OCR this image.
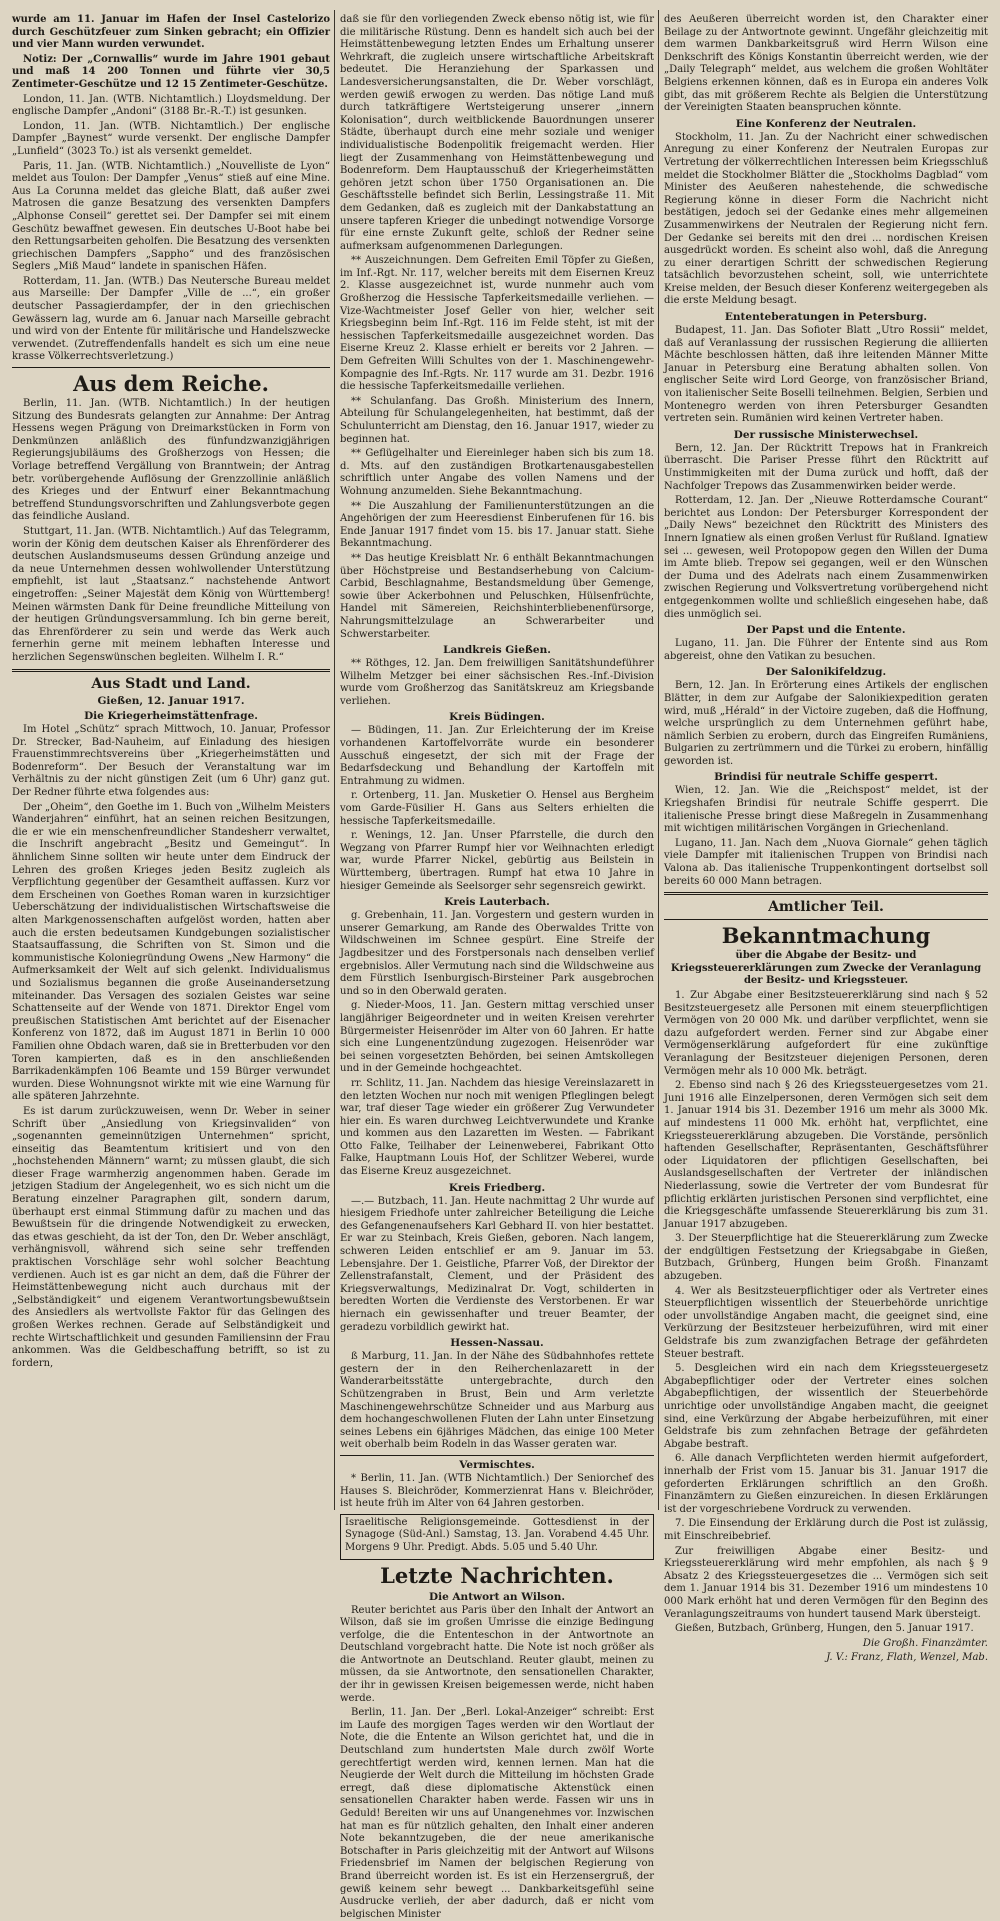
wurde am 11. Januar im Hafen der Insel Castelorizo durch Geschützfeuer zum Sinken gebracht; ein Offizier und vier Mann wurden verwundet.

Notiz: Der „Cornwallis“ wurde im Jahre 1901 gebaut und maß 14 200 Tonnen und führte vier 30,5 Zentimeter-Geschütze und 12 15 Zentimeter-Geschütze.

London, 11. Jan. (WTB. Nichtamtlich.) Lloydsmeldung. Der englische Dampfer „Andoni“ (3188 Br.-R.-T.) ist gesunken.

London, 11. Jan. (WTB. Nichtamtlich.) Der englische Dampfer „Baynest“ wurde versenkt. Der englische Dampfer „Lunfield“ (3023 To.) ist als versenkt gemeldet.

Paris, 11. Jan. (WTB. Nichtamtlich.) „Nouvelliste de Lyon“ meldet aus Toulon: Der Dampfer „Venus“ stieß auf eine Mine. Aus La Corunna meldet das gleiche Blatt, daß außer zwei Matrosen die ganze Besatzung des versenkten Dampfers „Alphonse Conseil“ gerettet sei. Der Dampfer sei mit einem Geschütz bewaffnet gewesen. Ein deutsches U-Boot habe bei den Rettungsarbeiten geholfen. Die Besatzung des versenkten griechischen Dampfers „Sappho“ und des französischen Seglers „Miß Maud“ landete in spanischen Häfen.

Rotterdam, 11. Jan. (WTB.) Das Neutersche Bureau meldet aus Marseille: Der Dampfer „Ville de ...“, ein großer deutscher Passagierdampfer, der in den griechischen Gewässern lag, wurde am 6. Januar nach Marseille gebracht und wird von der Entente für militärische und Handelszwecke verwendet. (Zutreffendenfalls handelt es sich um eine neue krasse Völkerrechtsverletzung.)

Aus dem Reiche.

Berlin, 11. Jan. (WTB. Nichtamtlich.) In der heutigen Sitzung des Bundesrats gelangten zur Annahme: Der Antrag Hessens wegen Prägung von Dreimarkstücken in Form von Denkmünzen anläßlich des fünfundzwanzigjährigen Regierungsjubiläums des Großherzogs von Hessen; die Vorlage betreffend Vergällung von Branntwein; der Antrag betr. vorübergehende Auflösung der Grenzzollinie anläßlich des Krieges und der Entwurf einer Bekanntmachung betreffend Stundungsvorschriften und Zahlungsverbote gegen das feindliche Ausland.

Stuttgart, 11. Jan. (WTB. Nichtamtlich.) Auf das Telegramm, worin der König dem deutschen Kaiser als Ehrenförderer des deutschen Auslandsmuseums dessen Gründung anzeige und da neue Unternehmen dessen wohlwollender Unterstützung empfiehlt, ist laut „Staatsanz.“ nachstehende Antwort eingetroffen: „Seiner Majestät dem König von Württemberg! Meinen wärmsten Dank für Deine freundliche Mitteilung von der heutigen Gründungsversammlung. Ich bin gerne bereit, das Ehrenförderer zu sein und werde das Werk auch fernerhin gerne mit meinem lebhaften Interesse und herzlichen Segenswünschen begleiten. Wilhelm I. R.“

Aus Stadt und Land.
Gießen, 12. Januar 1917.
Die Kriegerheimstättenfrage.

Im Hotel „Schütz“ sprach Mittwoch, 10. Januar, Professor Dr. Strecker, Bad-Nauheim, auf Einladung des hiesigen Frauenstimmrechtsvereins über „Kriegerheimstätten und Bodenreform“. Der Besuch der Veranstaltung war im Verhältnis zu der nicht günstigen Zeit (um 6 Uhr) ganz gut. Der Redner führte etwa folgendes aus:

Der „Oheim“, den Goethe im 1. Buch von „Wilhelm Meisters Wanderjahren“ einführt, hat an seinen reichen Besitzungen, die er wie ein menschenfreundlicher Standesherr verwaltet, die Inschrift angebracht „Besitz und Gemeingut“. In ähnlichem Sinne sollten wir heute unter dem Eindruck der Lehren des großen Krieges jeden Besitz zugleich als Verpflichtung gegenüber der Gesamtheit auffassen. Kurz vor dem Erscheinen von Goethes Roman waren in kurzsichtiger Ueberschätzung der individualistischen Wirtschaftsweise die alten Markgenossenschaften aufgelöst worden, hatten aber auch die ersten bedeutsamen Kundgebungen sozialistischer Staatsauffassung, die Schriften von St. Simon und die kommunistische Koloniegründung Owens „New Harmony“ die Aufmerksamkeit der Welt auf sich gelenkt. Individualismus und Sozialismus begannen die große Auseinandersetzung miteinander. Das Versagen des sozialen Geistes war seine Schattenseite auf der Wende von 1871. Direktor Engel vom preußischen Statistischen Amt berichtet auf der Eisenacher Konferenz von 1872, daß im August 1871 in Berlin 10 000 Familien ohne Obdach waren, daß sie in Bretterbuden vor den Toren kampierten, daß es in den anschließenden Barrikadenkämpfen 106 Beamte und 159 Bürger verwundet wurden. Diese Wohnungsnot wirkte mit wie eine Warnung für alle späteren Jahrzehnte.

Es ist darum zurückzuweisen, wenn Dr. Weber in seiner Schrift über „Ansiedlung von Kriegsinvaliden“ von „sogenannten gemeinnützigen Unternehmen“ spricht, einseitig das Beamtentum kritisiert und von den „hochstehenden Männern“ warnt; zu müssen glaubt, die sich dieser Frage warmherzig angenommen haben. Gerade im jetzigen Stadium der Angelegenheit, wo es sich nicht um die Beratung einzelner Paragraphen gilt, sondern darum, überhaupt erst einmal Stimmung dafür zu machen und das Bewußtsein für die dringende Notwendigkeit zu erwecken, das etwas geschieht, da ist der Ton, den Dr. Weber anschlägt, verhängnisvoll, während sich seine sehr treffenden praktischen Vorschläge sehr wohl solcher Beachtung verdienen. Auch ist es gar nicht an dem, daß die Führer der Heimstättenbewegung nicht auch durchaus mit der „Selbständigkeit“ und eigenem Verantwortungsbewußtsein des Ansiedlers als wertvollste Faktor für das Gelingen des großen Werkes rechnen. Gerade auf Selbständigkeit und rechte Wirtschaftlichkeit und gesunden Familiensinn der Frau ankommen. Was die Geldbeschaffung betrifft, so ist zu fordern,

daß sie für den vorliegenden Zweck ebenso nötig ist, wie für die militärische Rüstung. Denn es handelt sich auch bei der Heimstättenbewegung letzten Endes um Erhaltung unserer Wehrkraft, die zugleich unsere wirtschaftliche Arbeitskraft bedeutet. Die Heranziehung der Sparkassen und Landesversicherungsanstalten, die Dr. Weber vorschlägt, werden gewiß erwogen zu werden. Das nötige Land muß durch tatkräftigere Wertsteigerung unserer „innern Kolonisation“, durch weitblickende Bauordnungen unserer Städte, überhaupt durch eine mehr soziale und weniger individualistische Bodenpolitik freigemacht werden. Hier liegt der Zusammenhang von Heimstättenbewegung und Bodenreform. Dem Hauptausschuß der Kriegerheimstätten gehören jetzt schon über 1750 Organisationen an. Die Geschäftsstelle befindet sich Berlin, Lessingstraße 11. Mit dem Gedanken, daß es zugleich mit der Dankabstattung an unsere tapferen Krieger die unbedingt notwendige Vorsorge für eine ernste Zukunft gelte, schloß der Redner seine aufmerksam aufgenommenen Darlegungen.

** Auszeichnungen. Dem Gefreiten Emil Töpfer zu Gießen, im Inf.-Rgt. Nr. 117, welcher bereits mit dem Eisernen Kreuz 2. Klasse ausgezeichnet ist, wurde nunmehr auch vom Großherzog die Hessische Tapferkeitsmedaille verliehen. — Vize-Wachtmeister Josef Geller von hier, welcher seit Kriegsbeginn beim Inf.-Rgt. 116 im Felde steht, ist mit der hessischen Tapferkeitsmedaille ausgezeichnet worden. Das Eiserne Kreuz 2. Klasse erhielt er bereits vor 2 Jahren. — Dem Gefreiten Willi Schultes von der 1. Maschinengewehr-Kompagnie des Inf.-Rgts. Nr. 117 wurde am 31. Dezbr. 1916 die hessische Tapferkeitsmedaille verliehen.

** Schulanfang. Das Großh. Ministerium des Innern, Abteilung für Schulangelegenheiten, hat bestimmt, daß der Schulunterricht am Dienstag, den 16. Januar 1917, wieder zu beginnen hat.

** Geflügelhalter und Eiereinleger haben sich bis zum 18. d. Mts. auf den zuständigen Brotkartenausgabestellen schriftlich unter Angabe des vollen Namens und der Wohnung anzumelden. Siehe Bekanntmachung.

** Die Auszahlung der Familienunterstützungen an die Angehörigen der zum Heeresdienst Einberufenen für 16. bis Ende Januar 1917 findet vom 15. bis 17. Januar statt. Siehe Bekanntmachung.

** Das heutige Kreisblatt Nr. 6 enthält Bekanntmachungen über Höchstpreise und Bestandserhebung von Calcium-Carbid, Beschlagnahme, Bestandsmeldung über Gemenge, sowie über Ackerbohnen und Peluschken, Hülsenfrüchte, Handel mit Sämereien, Reichshinterbliebenenfürsorge, Nahrungsmittelzulage an Schwerarbeiter und Schwerstarbeiter.

Landkreis Gießen.

** Röthges, 12. Jan. Dem freiwilligen Sanitätshundeführer Wilhelm Metzger bei einer sächsischen Res.-Inf.-Division wurde vom Großherzog das Sanitätskreuz am Kriegsbande verliehen.

Kreis Büdingen.

— Büdingen, 11. Jan. Zur Erleichterung der im Kreise vorhandenen Kartoffelvorräte wurde ein besonderer Ausschuß eingesetzt, der sich mit der Frage der Bedarfsdeckung und Behandlung der Kartoffeln mit Entrahmung zu widmen.

r. Ortenberg, 11. Jan. Musketier O. Hensel aus Bergheim vom Garde-Füsilier H. Gans aus Selters erhielten die hessische Tapferkeitsmedaille.

r. Wenings, 12. Jan. Unser Pfarrstelle, die durch den Wegzang von Pfarrer Rumpf hier vor Weihnachten erledigt war, wurde Pfarrer Nickel, gebürtig aus Beilstein in Württemberg, übertragen. Rumpf hat etwa 10 Jahre in hiesiger Gemeinde als Seelsorger sehr segensreich gewirkt.

Kreis Lauterbach.

g. Grebenhain, 11. Jan. Vorgestern und gestern wurden in unserer Gemarkung, am Rande des Oberwaldes Tritte von Wildschweinen im Schnee gespürt. Eine Streife der Jagdbesitzer und des Forstpersonals nach denselben verlief ergebnislos. Aller Vermutung nach sind die Wildschweine aus dem Fürstlich Isenburgisch-Birsteiner Park ausgebrochen und so in den Oberwald geraten.

g. Nieder-Moos, 11. Jan. Gestern mittag verschied unser langjähriger Beigeordneter und in weiten Kreisen verehrter Bürgermeister Heisenröder im Alter von 60 Jahren. Er hatte sich eine Lungenentzündung zugezogen. Heisenröder war bei seinen vorgesetzten Behörden, bei seinen Amtskollegen und in der Gemeinde hochgeachtet.

rr. Schlitz, 11. Jan. Nachdem das hiesige Vereinslazarett in den letzten Wochen nur noch mit wenigen Pfleglingen belegt war, traf dieser Tage wieder ein größerer Zug Verwundeter hier ein. Es waren durchweg Leichtverwundete und Kranke und kommen aus den Lazaretten im Westen. — Fabrikant Otto Falke, Teilhaber der Leinenweberei, Fabrikant Otto Falke, Hauptmann Louis Hof, der Schlitzer Weberei, wurde das Eiserne Kreuz ausgezeichnet.

Kreis Friedberg.

—.— Butzbach, 11. Jan. Heute nachmittag 2 Uhr wurde auf hiesigem Friedhofe unter zahlreicher Beteiligung die Leiche des Gefangenenaufsehers Karl Gebhard II. von hier bestattet. Er war zu Steinbach, Kreis Gießen, geboren. Nach langem, schweren Leiden entschlief er am 9. Januar im 53. Lebensjahre. Der 1. Geistliche, Pfarrer Voß, der Direktor der Zellenstrafanstalt, Clement, und der Präsident des Kriegsverwaltungs, Medizinalrat Dr. Vogt, schilderten in beredten Worten die Verdienste des Verstorbenen. Er war hiernach ein gewissenhafter und treuer Beamter, der geradezu vorbildlich gewirkt hat.

Hessen-Nassau.

ß Marburg, 11. Jan. In der Nähe des Südbahnhofes rettete gestern der in den Reiherchenlazarett in der Wanderarbeitsstätte untergebrachte, durch den Schützengraben in Brust, Bein und Arm verletzte Maschinengewehrschütze Schneider und aus Marburg aus dem hochangeschwollenen Fluten der Lahn unter Einsetzung seines Lebens ein 6jähriges Mädchen, das einige 100 Meter weit oberhalb beim Rodeln in das Wasser geraten war.

Vermischtes.

* Berlin, 11. Jan. (WTB Nichtamtlich.) Der Seniorchef des Hauses S. Bleichröder, Kommerzienrat Hans v. Bleichröder, ist heute früh im Alter von 64 Jahren gestorben.

Israelitische Religionsgemeinde. Gottesdienst in der Synagoge (Süd-Anl.) Samstag, 13. Jan. Vorabend 4.45 Uhr. Morgens 9 Uhr. Predigt. Abds. 5.05 und 5.40 Uhr.

Letzte Nachrichten.
Die Antwort an Wilson.

Reuter berichtet aus Paris über den Inhalt der Antwort an Wilson, daß sie im großen Umrisse die einzige Bedingung verfolge, die die Ententeschon in der Antwortnote an Deutschland vorgebracht hatte. Die Note ist noch größer als die Antwortnote an Deutschland. Reuter glaubt, meinen zu müssen, da sie Antwortnote, den sensationellen Charakter, der ihr in gewissen Kreisen beigemessen werde, nicht haben werde.

Berlin, 11. Jan. Der „Berl. Lokal-Anzeiger“ schreibt: Erst im Laufe des morgigen Tages werden wir den Wortlaut der Note, die die Entente an Wilson gerichtet hat, und die in Deutschland zum hundertsten Male durch zwölf Worte gerechtfertigt werden wird, kennen lernen. Man hat die Neugierde der Welt durch die Mitteilung im höchsten Grade erregt, daß diese diplomatische Aktenstück einen sensationellen Charakter haben werde. Fassen wir uns in Geduld! Bereiten wir uns auf Unangenehmes vor. Inzwischen hat man es für nützlich gehalten, den Inhalt einer anderen Note bekanntzugeben, die der neue amerikanische Botschafter in Paris gleichzeitig mit der Antwort auf Wilsons Friedensbrief im Namen der belgischen Regierung von Brand überreicht worden ist. Es ist ein Herzensergruß, der gewiß keinem sehr bewegt ... Dankbarkeitsgefühl seine Ausdrucke verlieh, der aber dadurch, daß er nicht vom belgischen Minister

des Aeußeren überreicht worden ist, den Charakter einer Beilage zu der Antwortnote gewinnt. Ungefähr gleichzeitig mit dem warmen Dankbarkeitsgruß wird Herrn Wilson eine Denkschrift des Königs Konstantin überreicht werden, wie der „Daily Telegraph“ meldet, aus welchem die großen Wohltäter Belgiens erkennen können, daß es in Europa ein anderes Volk gibt, das mit größerem Rechte als Belgien die Unterstützung der Vereinigten Staaten beanspruchen könnte.

Eine Konferenz der Neutralen.

Stockholm, 11. Jan. Zu der Nachricht einer schwedischen Anregung zu einer Konferenz der Neutralen Europas zur Vertretung der völkerrechtlichen Interessen beim Kriegsschluß meldet die Stockholmer Blätter die „Stockholms Dagblad“ vom Minister des Aeußeren nahestehende, die schwedische Regierung könne in dieser Form die Nachricht nicht bestätigen, jedoch sei der Gedanke eines mehr allgemeinen Zusammenwirkens der Neutralen der Regierung nicht fern. Der Gedanke sei bereits mit den drei ... nordischen Kreisen ausgedrückt worden. Es scheint also wohl, daß die Anregung zu einer derartigen Schritt der schwedischen Regierung tatsächlich bevorzustehen scheint, soll, wie unterrichtete Kreise melden, der Besuch dieser Konferenz weitergegeben als die erste Meldung besagt.

Ententeberatungen in Petersburg.

Budapest, 11. Jan. Das Sofioter Blatt „Utro Rossii“ meldet, daß auf Veranlassung der russischen Regierung die alliierten Mächte beschlossen hätten, daß ihre leitenden Männer Mitte Januar in Petersburg eine Beratung abhalten sollen. Von englischer Seite wird Lord George, von französischer Briand, von italienischer Seite Boselli teilnehmen. Belgien, Serbien und Montenegro werden von ihren Petersburger Gesandten vertreten sein. Rumänien wird keinen Vertreter haben.

Der russische Ministerwechsel.

Bern, 12. Jan. Der Rücktritt Trepows hat in Frankreich überrascht. Die Pariser Presse führt den Rücktritt auf Unstimmigkeiten mit der Duma zurück und hofft, daß der Nachfolger Trepows das Zusammenwirken beider werde.

Rotterdam, 12. Jan. Der „Nieuwe Rotterdamsche Courant“ berichtet aus London: Der Petersburger Korrespondent der „Daily News“ bezeichnet den Rücktritt des Ministers des Innern Ignatiew als einen großen Verlust für Rußland. Ignatiew sei ... gewesen, weil Protopopow gegen den Willen der Duma im Amte blieb. Trepow sei gegangen, weil er den Wünschen der Duma und des Adelrats nach einem Zusammenwirken zwischen Regierung und Volksvertretung vorübergehend nicht entgegenkommen wollte und schließlich eingesehen habe, daß dies unmöglich sei.

Der Papst und die Entente.

Lugano, 11. Jan. Die Führer der Entente sind aus Rom abgereist, ohne den Vatikan zu besuchen.

Der Salonikifeldzug.

Bern, 12. Jan. In Erörterung eines Artikels der englischen Blätter, in dem zur Aufgabe der Salonikiexpedition geraten wird, muß „Hérald“ in der Victoire zugeben, daß die Hoffnung, welche ursprünglich zu dem Unternehmen geführt habe, nämlich Serbien zu erobern, durch das Eingreifen Rumäniens, Bulgarien zu zertrümmern und die Türkei zu erobern, hinfällig geworden ist.

Brindisi für neutrale Schiffe gesperrt.

Wien, 12. Jan. Wie die „Reichspost“ meldet, ist der Kriegshafen Brindisi für neutrale Schiffe gesperrt. Die italienische Presse bringt diese Maßregeln in Zusammenhang mit wichtigen militärischen Vorgängen in Griechenland.

Lugano, 11. Jan. Nach dem „Nuova Giornale“ gehen täglich viele Dampfer mit italienischen Truppen von Brindisi nach Valona ab. Das italienische Truppenkontingent dortselbst soll bereits 60 000 Mann betragen.

Amtlicher Teil.
Bekanntmachung

über die Abgabe der Besitz- und Kriegssteuererklärungen zum Zwecke der Veranlagung der Besitz- und Kriegssteuer.

1. Zur Abgabe einer Besitzsteuererklärung sind nach § 52 Besitzsteuergesetz alle Personen mit einem steuerpflichtigen Vermögen von 20 000 Mk. und darüber verpflichtet, wenn sie dazu aufgefordert werden. Ferner sind zur Abgabe einer Vermögenserklärung aufgefordert für eine zukünftige Veranlagung der Besitzsteuer diejenigen Personen, deren Vermögen mehr als 10 000 Mk. beträgt.

2. Ebenso sind nach § 26 des Kriegssteuergesetzes vom 21. Juni 1916 alle Einzelpersonen, deren Vermögen sich seit dem 1. Januar 1914 bis 31. Dezember 1916 um mehr als 3000 Mk. auf mindestens 11 000 Mk. erhöht hat, verpflichtet, eine Kriegssteuererklärung abzugeben. Die Vorstände, persönlich haftenden Gesellschafter, Repräsentanten, Geschäftsführer oder Liquidatoren der pflichtigen Gesellschaften, bei Auslandsgesellschaften der Vertreter der inländischen Niederlassung, sowie die Vertreter der vom Bundesrat für pflichtig erklärten juristischen Personen sind verpflichtet, eine die Kriegsgeschäfte umfassende Steuererklärung bis zum 31. Januar 1917 abzugeben.

3. Der Steuerpflichtige hat die Steuererklärung zum Zwecke der endgültigen Festsetzung der Kriegsabgabe in Gießen, Butzbach, Grünberg, Hungen beim Großh. Finanzamt abzugeben.

4. Wer als Besitzsteuerpflichtiger oder als Vertreter eines Steuerpflichtigen wissentlich der Steuerbehörde unrichtige oder unvollständige Angaben macht, die geeignet sind, eine Verkürzung der Besitzsteuer herbeizuführen, wird mit einer Geldstrafe bis zum zwanzigfachen Betrage der gefährdeten Steuer bestraft.

5. Desgleichen wird ein nach dem Kriegssteuergesetz Abgabepflichtiger oder der Vertreter eines solchen Abgabepflichtigen, der wissentlich der Steuerbehörde unrichtige oder unvollständige Angaben macht, die geeignet sind, eine Verkürzung der Abgabe herbeizuführen, mit einer Geldstrafe bis zum zehnfachen Betrage der gefährdeten Abgabe bestraft.

6. Alle danach Verpflichteten werden hiermit aufgefordert, innerhalb der Frist vom 15. Januar bis 31. Januar 1917 die geforderten Erklärungen schriftlich an den Großh. Finanzämtern zu Gießen einzureichen. In diesen Erklärungen ist der vorgeschriebene Vordruck zu verwenden.

7. Die Einsendung der Erklärung durch die Post ist zulässig, mit Einschreibebrief.

Zur freiwilligen Abgabe einer Besitz- und Kriegssteuererklärung wird mehr empfohlen, als nach § 9 Absatz 2 des Kriegssteuergesetzes die ... Vermögen sich seit dem 1. Januar 1914 bis 31. Dezember 1916 um mindestens 10 000 Mark erhöht hat und deren Vermögen für den Beginn des Veranlagungszeitraums von hundert tausend Mark übersteigt.

Gießen, Butzbach, Grünberg, Hungen, den 5. Januar 1917.

Die Großh. Finanzämter.

J. V.: Franz, Flath, Wenzel, Mab.
